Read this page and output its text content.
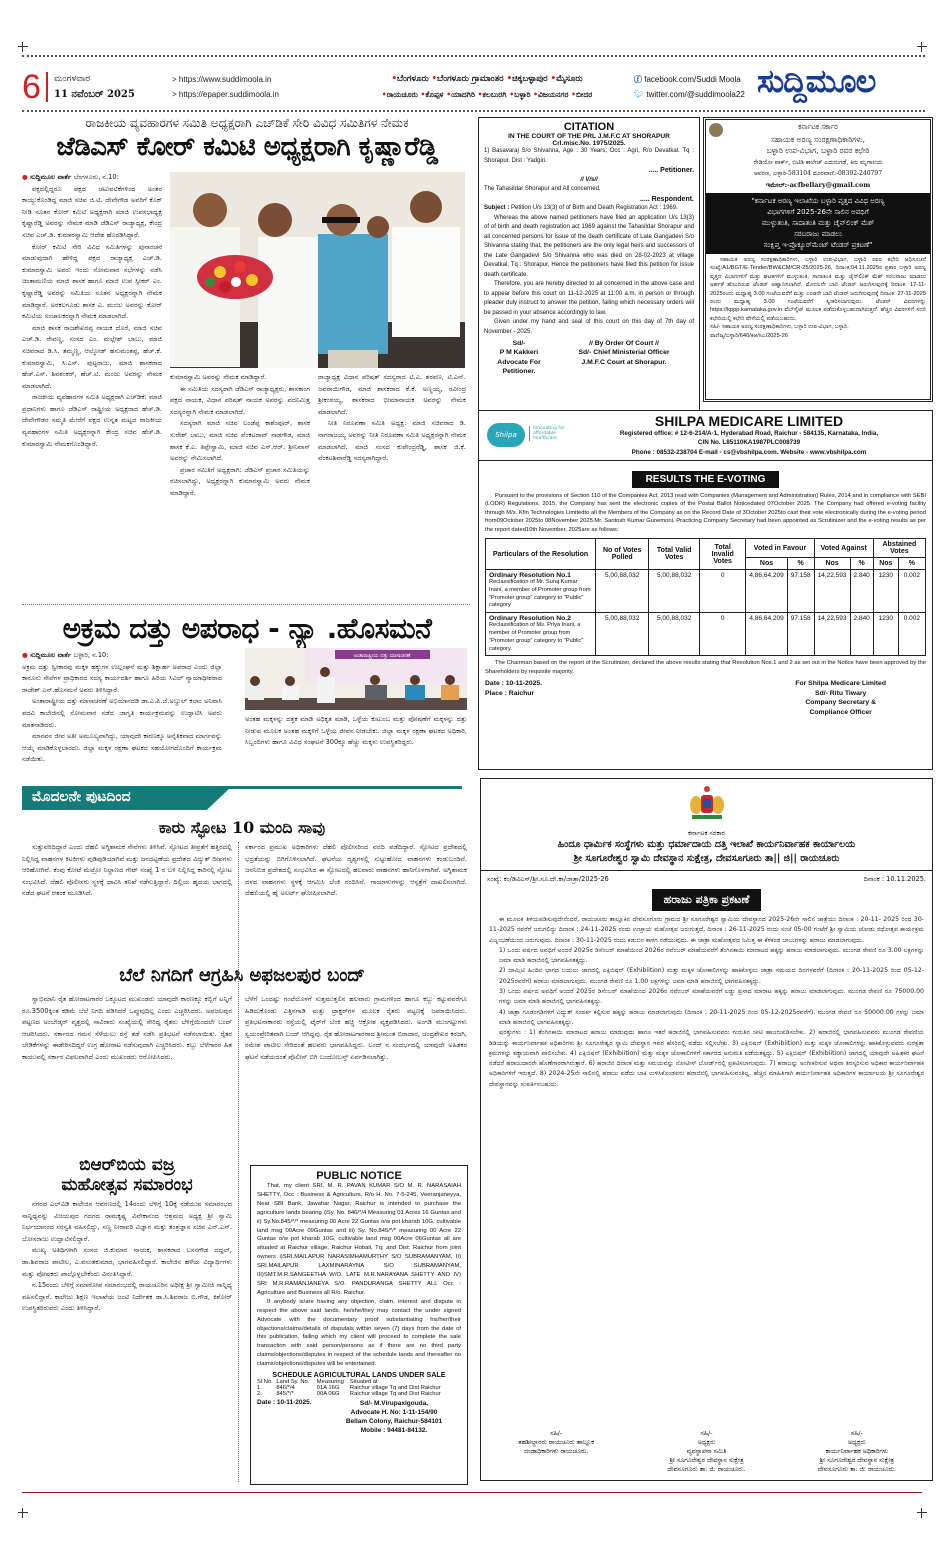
6 ಮಂಗಳವಾರ
11 ನವೆಂಬರ್ 2025
> https://www.suddimoola.in
> https://epaper.suddimoola.in
•ಬೆಂಗಳೂರು •ಬೆಂಗಳೂರು ಗ್ರಾಮಾಂತರ •ಚಿಕ್ಕಬಳ್ಳಾಪುರ •ಮೈಸೂರು
•ರಾಯಚೂರು •ಕೊಪ್ಪಳ •ಯಾದಗಿರಿ •ಕಲಬುರಗಿ •ಬಳ್ಳಾರಿ •ವಿಜಯನಗರ •ಬೀದರ
ⓕ facebook.com/Suddi Moola
🐦︎ twitter.com/@suddimoola22 ಸುದ್ದಿಮೂಲ
ರಾಜಕೀಯ ವ್ಯವಹಾರಗಳ ಸಮಿತಿ ಅಧ್ಯಕ್ಷರಾಗಿ ಎಚ್‌ಡಿಕೆ ಸೇರಿ ವಿವಿಧ ಸಮಿತಿಗಳ ನೇಮಕ
ಜೆಡಿಎಸ್ ಕೋರ್ ಕಮಿಟಿ ಅಧ್ಯಕ್ಷರಾಗಿ ಕೃಷ್ಣಾರೆಡ್ಡಿ
● ಸುದ್ದಿಮೂಲ ವಾರ್ತೆ ಬೆಂಗಳೂರು, ನ.10:

ಪಕ್ಷದಲ್ಲಿದ್ದರೂ ಪಕ್ಷದ ಚಟುವಟಿಕೆಗಳಿಂದ ಅಂತರ ಕಾಯ್ದುಕೊಂಡಿದ್ದ ಮಾಜಿ ಸಚಿವ ಜಿ.ಟಿ. ದೇವೇಗೌಡ ಅವರಿಗೆ ಕೊಕ್ ನೀಡಿ ನೂತನ ಕೋರ್ ಕಮಿಟಿ ಅಧ್ಯಕ್ಷರಾಗಿ ಮಾಜಿ ಉಪಸಭಾಧ್ಯಕ್ಷ ಕೃಷ್ಣಾರೆಡ್ಡಿ ಅವರನ್ನು ನೇಮಕ ಮಾಡಿ ಜೆಡಿಎಸ್ ರಾಜ್ಯಾಧ್ಯಕ್ಷ, ಕೇಂದ್ರ ಸಚಿವ ಎಚ್.ಡಿ. ಕುಮಾರಸ್ವಾಮಿ ಆದೇಶ ಹೊರಡಿಸಿದ್ದಾರೆ.

ಕೋರ್ ಕಮಿಟಿ ಸೇರಿ ವಿವಿಧ ಸಮಿತಿಗಳನ್ನು ಪುನಾರಚನೆ ಮಾಡುವುದಾಗಿ ಹೇಳಿದ್ದ ಪಕ್ಷದ ರಾಜ್ಯಾಧ್ಯಕ್ಷ ಎಚ್.ಡಿ. ಕುಮಾರಸ್ವಾಮಿ ಅವರು ಇಂದು ಸೋಮವಾರ ಸಭೆಗಳನ್ನು ನಡೆಸಿ ಚಿಂತಾಮಣಿಯ ಮಾಜಿ ಶಾಸಕ ಹಾಗೂ ಮಾಜಿ ಉಪ ಸ್ಪೀಕರ್ ಎಂ. ಕೃಷ್ಣಾರೆಡ್ಡಿ ಅವರನ್ನು ಸಮಿತಿಯ ನೂತನ ಅಧ್ಯಕ್ಷರನ್ನಾಗಿ ನೇಮಕ ಮಾಡಿದ್ದಾರೆ. ಅರಕಲಗೂಡು ಶಾಸಕ ಎ. ಮಂಜು ಅವರನ್ನು ಕೋರ್ ಕಮಿಟಿಯ ಸಂಚಾಲಕರನ್ನಾಗಿ ನೇಮಕ ಮಾಡಲಾಗಿದೆ.

ಮಾಜಿ ಶಾಸಕ ರಾಜಶೇಖರಪ್ಪ ನಾಯಕ ದೊರೆ, ಮಾಜಿ ಸಚಿವ ಎಚ್.ಡಿ. ರೇವಣ್ಣ, ಸಂಸದ ಎಂ. ಮಲ್ಲೇಶ್ ಬಾಬು, ಮಾಜಿ ಸಚಿವರಾದ ಡಿ.ಸಿ. ತಮ್ಮಣ್ಣ, ಆಲ್ಕೋಡ್ ಹನುಮಂತಪ್ಪ, ಹೆಚ್.ಕೆ. ಕುಮಾರಸ್ವಾಮಿ, ಸಿ.ಎಸ್. ಪುಟ್ಟರಾಜು, ಮಾಜಿ ಶಾಸಕರಾದ ಹೆಚ್.ಎಸ್. ಶಿವಶಂಕರ್, ಹೆಚ್.ಟಿ. ಮಂಜು ಅವರನ್ನು ನೇಮಕ ಮಾಡಲಾಗಿದೆ.

ರಾಜಕೀಯ ವ್ಯವಹಾರಗಳ ಸಮಿತಿ ಅಧ್ಯಕ್ಷರಾಗಿ ಎಚ್‌ಡಿಕೆ: ಮಾಜಿ ಪ್ರಧಾನಿಗಳು ಹಾಗೂ ಜೆಡಿಎಸ್ ರಾಷ್ಟ್ರೀಯ ಅಧ್ಯಕ್ಷರಾದ ಹೆಚ್.ಡಿ. ದೇವೇಗೌಡರ ಸಮ್ಮತಿ ಮೇರೆಗೆ ಪಕ್ಷದ ಉನ್ನತ ಮಟ್ಟದ ರಾಜಕೀಯ ವ್ಯವಹಾರಗಳ ಸಮಿತಿ ಅಧ್ಯಕ್ಷರನ್ನಾಗಿ ಕೇಂದ್ರ ಸಚಿವ ಹೆಚ್.ಡಿ. ಕುಮಾರಸ್ವಾಮಿ ನೇಮಕಗೊಂಡಿದ್ದಾರೆ.

ಕುಮಾರಸ್ವಾಮಿ ಅವರನ್ನು ನೇಮಕ ಮಾಡಿದ್ದಾರೆ.

ಈ ಸಮಿತಿಯ ಸದಸ್ಯರಾಗಿ ಜೆಡಿಎಸ್ ರಾಜ್ಯಾಧ್ಯಕ್ಷರು, ಶಾಸಕಾಂಗ ಪಕ್ಷದ ನಾಯಕ, ವಿಧಾನ ಪರಿಷತ್ ನಾಯಕ ಅವರನ್ನು ಪದನಿಮಿತ್ತ ಸದಸ್ಯರನ್ನಾಗಿ ನೇಮಕ ಮಾಡಲಾಗಿದೆ.

ಸದಸ್ಯರಾಗಿ ಮಾಜಿ ಸಚಿವ ಬಂಡೆಪ್ಪ ಕಾಶೆಂಪೂರ್, ಶಾಸಕ ಸುರೇಶ್ ಬಾಬು, ಮಾಜಿ ಸಚಿವ ವೆಂಕಟರಾವ್ ನಾಡಗೌಡ, ಮಾಜಿ ಶಾಸಕ ಕೆ.ಎ. ತಿಪ್ಪೇಸ್ವಾಮಿ, ಮಾಜಿ ಸಚಿವ ಎಸ್.ಆರ್. ಶ್ರೀನಿವಾಸ್ ಅವರನ್ನು ನೇಮಿಸಲಾಗಿದೆ.

ಪ್ರಚಾರ ಸಮಿತಿಗೆ ಅಧ್ಯಕ್ಷರಾಗಿ: ಜೆಡಿಎಸ್ ಪ್ರಚಾರ ಸಮಿತಿಯನ್ನು ರಚಿಸಲಾಗಿದ್ದು, ಅಧ್ಯಕ್ಷರನ್ನಾಗಿ ಕುಮಾರಸ್ವಾಮಿ ಅವರು ನೇಮಕ ಮಾಡಿದ್ದಾರೆ.

ರಾಜ್ಯಾಧ್ಯಕ್ಷ ವಿಧಾನ ಪರಿಷತ್ ಸದಸ್ಯರಾದ ಟಿ.ಎ. ಶರವಣ, ಟಿ.ಎನ್. ಜವರಾಯಿಗೌಡ, ಮಾಜಿ ಶಾಸಕರಾದ ಕೆ.ಕೆ. ಅಣ್ಣಯ್ಯ, ರವೀಂದ್ರ ಶ್ರೀಕಂಠಯ್ಯ, ಶಾಸಕರಾದ ಭೀಮಾನಾಯಕ ಅವರನ್ನು ನೇಮಕ ಮಾಡಲಾಗಿದೆ.

ನೀತಿ ನಿರೂಪಣಾ ಸಮಿತಿ ಅಧ್ಯಕ್ಷ: ಮಾಜಿ ಸಚಿವರಾದ ಡಿ. ನಾಗರಾಜಯ್ಯ ಅವರನ್ನು ನೀತಿ ನಿರೂಪಣಾ ಸಮಿತಿ ಅಧ್ಯಕ್ಷರನ್ನಾಗಿ ನೇಮಕ ಮಾಡಲಾಗಿದೆ. ಮಾಜಿ ಸಂಸದ ಕುಪೇಂದ್ರರೆಡ್ಡಿ, ಶಾಸಕ ಜಿ.ಕೆ. ವೆಂಕಟಶಿವಾರೆಡ್ಡಿ ಸದಸ್ಯರಾಗಿದ್ದಾರೆ.

ಅಕ್ರಮ ದತ್ತು ಅಪರಾಧ - ನ್ಯಾ .ಹೊಸಮನೆ
● ಸುದ್ದಿಮೂಲ ವಾರ್ತೆ ಬಳ್ಳಾರಿ, ನ.10:

ಅಕ್ರಮ ದತ್ತು ಸ್ವೀಕಾರವು ಮಕ್ಕಳ ಹಕ್ಕುಗಳ ಉಲ್ಲಂಘನೆ ಮತ್ತು ಶಿಕ್ಷಾರ್ಹ ಅಪರಾಧ ಎಂದು ಜಿಲ್ಲಾ ಕಾನೂನು ಸೇವೆಗಳ ಪ್ರಾಧಿಕಾರದ ಸದಸ್ಯ ಕಾರ್ಯದರ್ಶಿ ಹಾಗೂ ಹಿರಿಯ ಸಿವಿಲ್ ನ್ಯಾಯಾಧೀಶರಾದ ರಾಜೇಶ್ ಎನ್.ಹೊಸಮನೆ ಅವರು ತಿಳಿಸಿದ್ದಾರೆ.

ಅಂತಾರಾಷ್ಟ್ರೀಯ ದತ್ತು ಮಾಸಾಚರಣೆ ಅಭಿಯಾನದಡಿ ಡಾ.ಎ.ಪಿ.ಜೆ.ಅಬ್ದುಲ್ ಕಲಾಂ ಅನಿವಾಸಿ ಪದವಿ ಕಾಲೇಜಿನಲ್ಲಿ ಸೋಮವಾರ ನಡೆದ ಜಾಗೃತಿ ಕಾರ್ಯಕ್ರಮವನ್ನು ಉದ್ಘಾಟಿಸಿ ಅವರು ಮಾತನಾಡಿದರು.

ಮಾನವನ ಜೀವ ಅತೀ ಅಮೂಲ್ಯವಾಗಿದ್ದು, ಯಾವುದೇ ಕಾರಣಕ್ಕೂ ಅನೈತಿಕವಾದ ಮಾರ್ಗವನ್ನು ಆಯ್ಕೆ ಮಾಡಿಕೊಳ್ಳಬಾರದು. ಜಿಲ್ಲಾ ಮಕ್ಕಳ ರಕ್ಷಣಾ ಘಟಕದ ಸಹಯೋಗದೊಂದಿಗೆ ಕಾರ್ಯಕ್ರಮ ನಡೆಯಿತು.

ಅಂತಾರಾಷ್ಟ್ರೀಯ ದತ್ತು ಮಾಸಾಚರಣೆ

ಅಂತಹ ಮಕ್ಕಳನ್ನು ದತ್ತಕ ಮಾಡಿ ಅಧಿಕೃತ ಮಾಡಿ, ಒಳ್ಳೆಯ ಕುಟುಂಬ ಮತ್ತು ಪೋಷಣೆಗೆ ಮಕ್ಕಳನ್ನು ದತ್ತು ನೀಡುವ ಮೂಲಕ ಅಂತಹ ಮಕ್ಕಳಿಗೆ ಒಳ್ಳೆಯ ಜೀವನ ನೀಡಬೇಕು. ಜಿಲ್ಲಾ ಮಕ್ಕಳ ರಕ್ಷಣಾ ಘಟಕದ ಅಧಿಕಾರಿ, ಸಿಬ್ಬಂದಿಗಳು ಹಾಗೂ ವಿವಿಧ ಸಂಘಟನೆ 300ಕ್ಕೂ ಹೆಚ್ಚು ಮಕ್ಕಳು ಉಪಸ್ಥಿತರಿದ್ದರು.

ಮೊದಲನೇ ಪುಟದಿಂದ
ಕಾರು ಸ್ಫೋಟ 10 ಮಂದಿ ಸಾವು

ಸುತ್ತುವರಿದಿದ್ದಾರೆ ಎಂದು ದೆಹಲಿ ಅಗ್ನಿಶಾಮಕ ಸೇವೆಗಳು ತಿಳಿಸಿವೆ. ಸ್ಫೋಟದ ತೀವ್ರತೆಗೆ ಹತ್ತಿರದಲ್ಲಿ ನಿಲ್ಲಿಸಿದ್ದ ವಾಹನಗಳ ಕಿಟಕಿಗಳು ಪುಡಿಪುಡಿಯಾಗಿವೆ ಮತ್ತು ಜನದಟ್ಟಣೆಯ ಪ್ರದೇಶದ ವಿದ್ಯುತ್ ದೀಪಗಳು ಆರಿಹೋಗಿವೆ. ಕೆಂಪು ಕೋಟೆ ಮೆಟ್ರೋ ನಿಲ್ದಾಣದ ಗೇಟ್ ಸಂಖ್ಯೆ 1 ರ ಬಳಿ ನಿಲ್ಲಿಸಿದ್ದ ಕಾರಿನಲ್ಲಿ ಸ್ಫೋಟ ಸಂಭವಿಸಿದೆ. ದೆಹಲಿ ಪೊಲೀಸರು ಸ್ಥಳಕ್ಕೆ ಧಾವಿಸಿ ತನಿಖೆ ನಡೆಸುತ್ತಿದ್ದಾರೆ. ದಿಲ್ಲಿಯ ಹೃದಯ ಭಾಗದಲ್ಲಿ ನಡೆದ ಘಟನೆ ಆತಂಕ ಮೂಡಿಸಿದೆ.

ಸರ್ಕಾರದ ಪ್ರಮುಖ ಅಧಿಕಾರಿಗಳು ದೆಹಲಿ ಪೊಲೀಸರಿಂದ ವರದಿ ಪಡೆದಿದ್ದಾರೆ. ಸ್ಫೋಟದ ಪ್ರದೇಶದಲ್ಲಿ ಭದ್ರತೆಯನ್ನು ಬಿಗಿಗೊಳಿಸಲಾಗಿದೆ. ಘಟನೆಯ ದೃಶ್ಯಗಳಲ್ಲಿ ಸುಟ್ಟುಹೋದ ವಾಹನಗಳು ಕಂಡುಬಂದಿವೆ. ಜನನಿಬಿಡ ಪ್ರದೇಶದಲ್ಲಿ ಸಂಭವಿಸಿದ ಈ ಸ್ಫೋಟದಲ್ಲಿ ಹಲವಾರು ವಾಹನಗಳು ಹಾನಿಗೊಳಗಾಗಿವೆ. ಅಗ್ನಿಶಾಮಕ ದಳದ ವಾಹನಗಳು ಸ್ಥಳಕ್ಕೆ ಆಗಮಿಸಿ ಬೆಂಕಿ ನಂದಿಸಿವೆ. ಗಾಯಾಳುಗಳನ್ನು ಆಸ್ಪತ್ರೆಗೆ ದಾಖಲಿಸಲಾಗಿದೆ. ದೆಹಲಿಯಲ್ಲಿ ಹೈ ಅಲರ್ಟ್ ಘೋಷಿಸಲಾಗಿದೆ.

ಬೆಲೆ ನಿಗದಿಗೆ ಆಗ್ರಹಿಸಿ ಅಫಜಲಪುರ ಬಂದ್

ಸ್ವಾಭಿಮಾನಿ ರೈತ ಹೋರಾಟಗಾರರ ಒಕ್ಕೂಟದ ಮುಖಂಡರು ಯಾವುದೇ ಕಾರಣಕ್ಕೂ ಕಬ್ಬಿಗೆ ಟನ್ನಿಗೆ ರೂ.3500ಕ್ಕಿಂತ ಕಡಿಮೆ ಬೆಲೆ ನಿಗದಿ ಪಡಿಸಿದರೆ ಒಪ್ಪುವುದಿಲ್ಲ ಎಂದು ಎಚ್ಚರಿಸಿದರು. ಅಫಜಲಪುರ ಪಟ್ಟಣದ ಅಂಬೇಡ್ಕರ್ ವೃತ್ತದಲ್ಲಿ ಸಾವಿರಾರು ಸಂಖ್ಯೆಯಲ್ಲಿ ಸೇರಿದ್ದ ರೈತರು ಬೆಳಿಗ್ಗೆಯಿಂದಲೇ ಬಂದ್ ಆಚರಿಸಿದರು. ಸರ್ಕಾರದ ಗಮನ ಸೆಳೆಯಲು ರಸ್ತೆ ತಡೆ ನಡೆಸಿ ಪ್ರತಿಭಟನೆ ನಡೆಸಲಾಯಿತು. ರೈತರ ಬೇಡಿಕೆಗಳನ್ನು ಈಡೇರಿಸದಿದ್ದರೆ ಉಗ್ರ ಹೋರಾಟ ನಡೆಸುವುದಾಗಿ ಎಚ್ಚರಿಸಿದರು. ಕಬ್ಬು ಬೆಳೆಗಾರರ ಹಿತ ಕಾಯುವಲ್ಲಿ ಸರ್ಕಾರ ವಿಫಲವಾಗಿದೆ ಎಂದು ಮುಖಂಡರು ಆರೋಪಿಸಿದರು.

ಬೆಳೆಗೆ ಒಂದಷ್ಟು ಗಂಟೆಯೊಳಗೆ ಸುತ್ತಮುತ್ತಲಿನ ಹಲವಾರು ಗ್ರಾಮಗಳಿಂದ ಹಾಗೂ ಕಬ್ಬು ಕಟ್ಟುವವರೆಗೂ ಹಿಡಿದುಕೊಂಡು ಎತ್ತಿನಗಾಡಿ ಮತ್ತು ಟ್ರಾಕ್ಟರ್‌ಗಳ ಮೂಲಕ ರೈತರು ಪಟ್ಟಣಕ್ಕೆ ಜಮಾಯಿಸಿದರು. ಪ್ರತಿಭಟನಾಕಾರರು ರಸ್ತೆಯಲ್ಲಿ ಟೈರ್‌ಗೆ ಬೆಂಕಿ ಹಚ್ಚಿ ಆಕ್ರೋಶ ವ್ಯಕ್ತಪಡಿಸಿದರು. ಅಂಗಡಿ ಮುಂಗಟ್ಟುಗಳು ಸ್ವಯಂಪ್ರೇರಿತವಾಗಿ ಬಂದ್ ಆಗಿದ್ದವು. ರೈತ ಹೋರಾಟಗಾರರಾದ ಶ್ರೀಮಂತ ಬಿರಾದಾರ, ಚಂದ್ರಶೇಖರ ಕರಜಗಿ, ರಮೇಶ ಪಾಟೀಲ ಸೇರಿದಂತೆ ಹಲವರು ಭಾಗವಹಿಸಿದ್ದರು. ಬಂದ್ ನ ಸಂದರ್ಭದಲ್ಲಿ ಯಾವುದೇ ಅಹಿತಕರ ಘಟನೆ ನಡೆಯದಂತೆ ಪೊಲೀಸ್ ಬಿಗಿ ಬಂದೋಬಸ್ತ್ ಏರ್ಪಡಿಸಲಾಗಿತ್ತು.

ಬಿಆರ್‌ಬಿಯ ವಜ್ರ
ಮಹೋತ್ಸವ ಸಮಾರಂಭ

ನಗರದ ಎಲ್‌ವಿಡಿ ಕಾಲೇಜಿನ ಆವರಣದಲ್ಲಿ 14ರಂದು ಬೆಳಿಗ್ಗೆ 10ಕ್ಕೆ ನಡೆಯುವ ಸಮಾರಂಭದ ಸಾನ್ನಿಧ್ಯವನ್ನು ವಿಜಯಪುರ ಗದಗದ ರಾಮಕೃಷ್ಣ ವಿವೇಕಾನಂದ ಆಶ್ರಮದ ಅಧ್ಯಕ್ಷ ಶ್ರೀ ಸ್ವಾಮಿ ನಿರ್ಭಯಾನಂದ ಸರಸ್ವತಿ ವಹಿಸಲಿದ್ದು, ಸಣ್ಣ ನೀರಾವರಿ ವಿಜ್ಞಾನ ಮತ್ತು ತಂತ್ರಜ್ಞಾನ ಸಚಿವ ಎನ್.ಎಸ್. ಬೋಸರಾಜು ಉದ್ಘಾಟಿಸಲಿದ್ದಾರೆ.

ಮುಖ್ಯ ಅತಿಥಿಗಳಾಗಿ ಸಂಸದ ಜಿ.ಕುಮಾರ ನಾಯಕ, ಶಾಸಕರಾದ ಬಸನಗೌಡ ದದ್ದಲ್, ಡಾ.ಶಿವರಾಜ ಪಾಟೀಲ, ಎ.ವಸಂತಕುಮಾರ, ಭಾಗವಹಿಸಲಿದ್ದಾರೆ. ಕಾಲೇಜಿನ ಹಳೆಯ ವಿದ್ಯಾರ್ಥಿಗಳು ಮತ್ತು ಪೋಷಕರು ಪಾಲ್ಗೊಳ್ಳಬೇಕೆಂದು ವಿನಂತಿಸಿದ್ದಾರೆ.

ನ.15ರಂದು ಬೆಳಿಗ್ಗೆ ಸಮಾರೋಪ ಸಮಾರಂಭದಲ್ಲಿ ರಾಯಚೂರಿನ ಅಧೀಕ್ಷ ಶ್ರೀ ಸ್ವಾಮೀಜಿ ಸಾನ್ನಿಧ್ಯ ವಹಿಸಲಿದ್ದಾರೆ. ಕಾಲೇಜು ಶಿಕ್ಷಣ ಇಲಾಖೆಯ ಜಂಟಿ ನಿರ್ದೇಶಕ ಡಾ.ಸಿ.ಶಿವರಾಜ ಬಿ.ಗೌಡ, ಕಿಶೋರ್ ಉಪಸ್ಥಿತರಿರುವರು ಎಂದು ತಿಳಿಸಿದ್ದಾರೆ.

PUBLIC NOTICE

That, my client SRI. M. R. PAVAN KUMAR S/O M. R. NARASAIAH SHETTY, Occ : Business & Agriculture, R/o H. No. 7-5-245, Veeranjaneyya, Near SBI Bank, Jawahar Nagar, Raichur is intended to purchase the agriculture lands bearing i)Sy. No. 846/*/4 Measuring 01 Acres 16 Guntas and ii) Sy.No.845/*/* measuring 00 Acre 22 Guntas o/w pot kharab 10G, cultivable land msg 00Acre 09Guntas and iii) Sy. No.845/*/* measuring 00 Acre 22 Guntas o/w pot kharab 10G, cultivable land msg 00Acre 06Guntas all are situated at Raichur village, Raichur Hobali, Tq: and Dist: Raichur from joint owners i)SRI.MAILAPUR NARASIMHAMURTHY S/O SUBRAMANYAM, II) SRI.MAILAPUR LAXMINARAYNA S/O SUBRAMANYAM, III)SMT.M.R.SANGEETHA W/O. LATE M.R.NARAYANA SHETTY AND IV) SRI M.R.RAMANJANEYA S/O. PANDURANGA SHETTY ALL Occ : Agriculture and Business all R/o. Raichur.

If anybody is/are having any objection, claim, interest and dispute in respect the above said lands, he/she/they may contact the under signed Advocate with the documentary proof substantiating his/her/their objections/claims/details of disputals within seven (7) days from the date of this publication, failing which my client will proceed to complete the sale transaction with said person/persons as if there are no third party claims/objections/disputes in respect of the schedule lands and thereafter no claims/objections/disputes will be entertained.

SCHEDULE AGRICULTURAL LANDS UNDER SALE
Sl No.	Land Sy. No.	Measuring	Situated at
1.	846/*/4	01A 16G	Raichur village Tq and Dist Raichur
2.	845/*/*	00A 06G	Raichur village Tq and Dist Raichur
Date : 10-11-2025.	Sd/- M.Virupaxigouda,
Advocate H. No: 1-11-154/90
Bellam Colony, Raichur-584101
Mobile : 94481-84132.
CITATION
IN THE COURT OF THE PRL J.M.F.C AT SHORAPUR
Crl.misc.No. 1975/2025.
1) Basavaraj S/o Shivanna, Age : 30 Years, Occ : Agri, R/o Devatkal. Tq : Shorapur. Dist : Yadgiri.
..... Petitioner.
// V/s//
The Tahasildar Shorapur and All concerned.
..... Respondent.
Subject : Petition U/s 13(3) of of Birth and Death Registration Act : 1969.

Whereas the above named petitioners have filed an application U/s 13(3) of of birth and death registration act 1969 against the Tahasildar Shorapur and all concerned persons for issue of the death certificate of Late Gangadevi S/o Shivanna stating that, the petitioners are the only legal heirs and successors of the Late Gangadevi S/o Shivanna who was died on 28-02-2023 at village Devatkal, Tq : Shorapur, Hence the petitioners have filed this petition for issue death certificate.

Therefore, you are hereby directed to all concerned in the above case and to appear before this court on 11-12-2025 at 11:00 a.m. in person or through pleader duly instruct to answer the petition, failing which necessary orders will be passed in your absence accordingly to law.

Given under my hand and seal of this court on this day of 7th day of November - 2025.

Sd/-
P M Kakkeri
Advocate For
Petitioner.
// By Order Of Court //
Sd/- Chief Ministerial Officer
J.M.F.C Court at Shorapur.
ಕರ್ನಾಟಕ ಸರ್ಕಾರ
ಸಹಾಯಕ ಅರಣ್ಯ ಸಂರಕ್ಷಣಾಧಿಕಾರಿಗಳು,
ಬಳ್ಳಾರಿ ಉಪ-ವಿಭಾಗ, ಬಳ್ಳಾರಿ ರವರ ಕಛೇರಿ
ರೇಡಿಯೋ ಪಾರ್ಕ್, ಬಿಟಿಡಿ ಕಾಲೇಜ್ ಎದುರುಗಡೆ, ಕಿರು ಮೃಗಾಲಯ
ಆವರಣ, ಬಳ್ಳಾರಿ-583104 ದೂರವಾಣಿ:-08392-240797
ಇಮೇಲ್:-acfbellary@gmail.com
"ಕರ್ನಾಟಕ ಅರಣ್ಯ ಇಲಾಖೆಯ ಬಳ್ಳಾರಿ ವೃತ್ತದ ವಿವಿಧ ಅರಣ್ಯ
ವಿಭಾಗಗಳಿಗೆ 2025-26ನೇ ಸಾಲಿನ ಅವಧಿಗೆ
ಮುಳ್ಳುತಂತಿ, ಸಾದಾತಂತಿ ಮತ್ತು ಚೈನ್‌ಲಿಂಕ್ ಮೆಶ್
ಸರಬರಾಜು ಮಾಡಲು
ಸಂಕ್ಷಿಪ್ತ ಇ-ಪ್ರೊಕ್ಯೂರ್‌ಮೆಂಟ್ ಟೆಂಡರ್ ಪ್ರಕಟಣೆ"
ಸಹಾಯಕ ಅರಣ್ಯ ಸಂರಕ್ಷಣಾಧಿಕಾರಿಗಳು, ಬಳ್ಳಾರಿ ಉಪ-ವಿಭಾಗ, ಬಳ್ಳಾರಿ ರವರ ಕಛೇರಿ ಅಧಿಸೂಚನೆ ಸಂಖ್ಯೆ:A1/BGT/E-Tender/BW&CM/CR-25/2025-26, ದಿನಾಂಕ:04.11.2025ರ ಪ್ರಕಾರ ಬಳ್ಳಾರಿ ಅರಣ್ಯ ವೃತ್ತದ ವಿಭಾಗಗಳಿಗೆ ಮತ್ತು ಘಟಕಗಳಿಗೆ ಮುಳ್ಳುತಂತಿ, ಸಾದಾತಂತಿ ಮತ್ತು ಚೈನ್‌ಲಿಂಕ್ ಮೆಶ್ ಸರಬರಾಜು ಮಾಡಲು ಅರ್ಹತೆ ಹೊಂದಿರುವ ಟೆಂಡರ್ ಆಹ್ವಾನಿಸಲಾಗಿದೆ. ಮೊದಲನೇ ಬಾರಿ ಟೆಂಡರ್ ಜರುಗಿಸುವುದಕ್ಕೆ ದಿನಾಂಕ: 17-11-2025ರಂದು ಮಧ್ಯಾಹ್ನ 3.00 ಗಂಟೆಯವರೆಗೆ ಮತ್ತು ಎರಡನೇ ಬಾರಿ ಟೆಂಡರ್ ಜರುಗಿಸುವುದಕ್ಕೆ ದಿನಾಂಕ: 27-11-2025 ರಂದು ಮಧ್ಯಾಹ್ನ 3.00 ಗಂಟೆಯವರೆಗೆ ಸ್ವೀಕರಿಸಲಾಗುವುದು. ಟೆಂಡರ್ ವಿವರಗಳನ್ನು https://kppp.karnataka.gov.in ವೆಬ್‌ಸೈಟ್ ಮೂಲಕ ಪಡೆದುಕೊಳ್ಳಬಹುದಾಗಿರುತ್ತದೆ. ಹೆಚ್ಚಿನ ವಿವರಗಳಿಗೆ ಸದರಿ ಕಛೇರಿಯಲ್ಲಿ ಕಛೇರಿ ವೇಳೆಯಲ್ಲಿ ಪಡೆಯಬಹುದು.
ಸಹಿ/- ಸಹಾಯಕ ಅರಣ್ಯ ಸಂರಕ್ಷಣಾಧಿಕಾರಿಗಳು, ಬಳ್ಳಾರಿ ಉಪ-ವಿಭಾಗ, ಬಳ್ಳಾರಿ.
ವಾಣಿಜ್ಯ/ಬಳ್ಳಾರಿ/640/ಕಿಆ/ಸಿಎ/2025-26
Shilpa
Innovating for affordable healthcare
SHILPA MEDICARE LIMITED
Registered office: # 12-6-214/A-1, Hyderabad Road, Raichur - 584135, Karnataka, India,
CIN No. L85110KA1987PLC008739
Phone : 08532-238704 E-mail - cs@vbshilpa.com. Website - www.vbshilpa.com
RESULTS THE E-VOTING
Pursuant to the provisions of Section 110 of the Companies Act, 2013 read with Companies (Management and Administration) Rules, 2014 and in compliance with SEBI (LODR) Regulations, 2015, the Company has sent the electronic copies of the Postal Ballot Noticedated 07October 2025. The Company had offered e-voting facility through M/s. Kfin Technologies Limitedto all the Members of the Company as on the Record Date of 3October 2025to cast their vote electronically during the e-voting period from09October 2025to 08November 2025.Mr. Santosh Kumar Gunemoni, Practicing Company Secretary had been appointed as Scrutinizer and the e-voting results as per the report dated10th November, 2025are as follows:
Particulars of the Resolution	No of Votes Polled	Total Valid Votes	Total Invalid Votes	Voted in Favour		Voted Against		Abstained Votes	
				Nos	%	Nos	%	Nos	%

Ordinary Resolution No.1
Reclassification of Mr. Suraj Kumar Inani, a member of Promoter group from "Promoter group" category to "Public" category	5,00,88,032	5,00,88,032	0	4,86,64,209	97.158	14,22,593	2.840	1230	0.002

Ordinary Resolution No.2
Reclassification of Ms. Priya Inani, a member of Promoter group from "Promoter group" category to "Public" category.	5,00,88,032	5,00,88,032	0	4,86,64,209	97.158	14,22,593	2.840	1230	0.002
The Chairman based on the report of the Scrutinizer, declared the above results stating that Resolution Nos.1 and 2 as set out in the Notice have been approved by the Shareholders by requisite majority.
Date : 10-11-2025.
Place : Raichur
For Shilpa Medicare Limited
Sd/- Ritu Tiwary
Company Secretary &
Compliance Officer
ಕರ್ನಾಟಕ ಸರಕಾರ
ಹಿಂದೂ ಧಾರ್ಮಿಕ ಸಂಸ್ಥೆಗಳು ಮತ್ತು ಧರ್ಮಾದಾಯ ದತ್ತಿ ಇಲಾಖೆ ಕಾರ್ಯನಿರ್ವಾಹಕ ಕಾರ್ಯಾಲಯ
ಶ್ರೀ ಸೂಗೂರೇಶ್ವರ ಸ್ವಾಮಿ ದೇವಸ್ಥಾನ ಸುಕ್ಷೇತ್ರ, ದೇವಸೂಗೂರು ತಾ|| ಜಿ|| ರಾಯಚೂರು
ಸಂಖ್ಯೆ: ಕಂ/ಡಿವಿಎಸ್/ಶ್ರೀ.ಸೂ.ದೇ.ಕಾ/ಜಾತ್ರಾ/2025-26	ದಿನಾಂಕ : 10.11.2025.
ಹರಾಜು ಪತ್ರಿಕಾ ಪ್ರಕಟಣೆ

ಈ ಮೂಲಕ ತಿಳಿಯಪಡಿಸುವುದೇನೆಂದರೆ, ರಾಯಚೂರು ತಾಲ್ಲೂಕಿನ ದೇವಸೂಗೂರು ಗ್ರಾಮದ ಶ್ರೀ ಸೂಗೂರೇಶ್ವರ ಸ್ವಾಮಿಯ ದೇವಸ್ಥಾನದ 2025-26ನೇ ಸಾಲಿನ ಜಾತ್ರೆಯು ದಿನಾಂಕ : 20-11- 2025 ರಿಂದ 30-11-2025 ರವರೆಗೆ ಜರುಗಲಿದ್ದು ದಿನಾಂಕ : 24-11-2025 ರಂದು ಉಚ್ಛಾಯ ಮಹೋತ್ಸವ ಜರುಗುತ್ತದೆ, ದಿನಾಂಕ : 26-11-2025 ರಂದು ಸಂಜೆ 05-00 ಗಂಟೆಗೆ ಶ್ರೀ ಸ್ವಾಮಿಯ ಜೋಡು ರಥೋತ್ಸವ ಕಾರ್ಯಕ್ರಮ ವಿಜೃಂಭಣೆಯಿಂದ ಜರುಗುವುದು. ದಿನಾಂಕ : 30-11-2025 ರಂದು ಕಡುಬಿನ ಕಾಳಗ ನಡೆಯುವುದು. ಈ ಜಾತ್ರಾ ಮಹೋತ್ಸವದ ನಿಮಿತ್ತ ಈ ಕೆಳಕಂಡ ಬಾಬುಗಳನ್ನು ಹರಾಜು ಮಾಡಲಾಗುವುದು.

1) ಒಂದು ವರ್ಷದ ಅವಧಿಗೆ ಅಂದರೆ 2025ರ ಡಿಸೆಂಬರ್ ಮಾಹೆಯಿಂದ 2026ರ ನವೆಂಬರ್ ಮಾಹೆಯವರೆಗೆ ತೆಂಗಿನಕಾಯಿ ಮಾರಾಟದ ಹಕ್ಕನ್ನು ಹರಾಜು ಮಾಡಲಾಗುವುದು. ಮುಂಗಡ ಠೇವಣಿ ರೂ 3.00 ಲಕ್ಷಗಳನ್ನು ಜಮಾ ಮಾಡಿ ಹರಾಜಿನಲ್ಲಿ ಭಾಗವಹಿಸತಕ್ಕದ್ದು.
2) ದಾಮ್ಸಿಟಿ ಹಿಂದಿನ ಭಾಗದ ಬಯಲು ಜಾಗದಲ್ಲಿ ಎಕ್ಸಿಬಿಷನ್ (Exhibiition) ಮತ್ತು ಮಕ್ಕಳ ಜೋಕಾಲಿಗಳನ್ನು ಹಾಕಿಕೊಳ್ಳಲು ಜಾತ್ರಾ ಸಮಯದ ದಿನಗಳವರೆಗೆ (ದಿನಾಂಕ : 20-11-2025 ರಿಂದ 05-12-2025ರವರೆಗೆ) ಹರಾಜು ಮಾಡಲಾಗುವುದು. ಮುಂಗಡ ಠೇವಣಿ ರೂ 1.00 ಲಕ್ಷಗಳನ್ನು ಜಮಾ ಮಾಡಿ ಹರಾಜಿನಲ್ಲಿ ಭಾಗವಹಿಸತಕ್ಕದ್ದು.
3) ಒಂದು ವರ್ಷದ ಅವಧಿಗೆ ಅಂದರೆ 2025ರ ಡಿಸೆಂಬರ್ ಮಾಹೆಯಿಂದ 2026ರ ನವೆಂಬರ್ ಮಾಹೆಯವರೆಗೆ ಲಡ್ಡು ಪ್ರಸಾದ ಮಾರಾಟ ಹಕ್ಕನ್ನು ಹರಾಜು ಮಾಡಲಾಗುವುದು. ಮುಂಗಡ ಠೇವಣಿ ರೂ 75000.00 ಗಳನ್ನು ಜಮಾ ಮಾಡಿ ಹರಾಜಿನಲ್ಲಿ ಭಾಗವಹಿಸತಕ್ಕದ್ದು.
4) ಜಾತ್ರಾ ಗೂಡಂಗಡಿಗಳಿಗೆ ವಿದ್ಯುತ್ ಸಂಪರ್ಕ ಕಲ್ಪಿಸುವ ಹಕ್ಕನ್ನು ಹರಾಜು ಮಾಡಲಾಗುವುದು (ದಿನಾಂಕ : 20-11-2025 ರಿಂದ 05-12-2025ರವರೆಗೆ). ಮುಂಗಡ ಠೇವಣಿ ರೂ 50000.00 ಗಳನ್ನು ಜಮಾ ಮಾಡಿ ಹರಾಜಿನಲ್ಲಿ ಭಾಗವಹಿಸತಕ್ಕದ್ದು.

ಷರತ್ತುಗಳು : 1) ತೆಂಗಿನಕಾಯಿ ಮಾರಾಟದ ಹರಾಜು ಮಾಡುವುದು ಹಾಗೂ ಇತರೆ ಹರಾಜಿನಲ್ಲಿ ಭಾಗವಹಿಸುವವರು ಗುರುತಿನ ಚೀಟಿ ಹಾಜರುಪಡಿಸಬೇಕು. 2) ಹರಾಜಿನಲ್ಲಿ ಭಾಗವಹಿಸುವವರು ಮುಂಗಡ ಠೇವಣಿಯ ಡಿಡಿಯನ್ನು ಕಾರ್ಯನಿರ್ವಾಹಕ ಅಧಿಕಾರಿಗಳು ಶ್ರೀ ಸೂಗೂರೇಶ್ವರ ಸ್ವಾಮಿ ದೇವಸ್ಥಾನ ಇವರ ಹೆಸರಿನಲ್ಲಿ ಪಡೆದು ಸಲ್ಲಿಸಬೇಕು. 3) ಎಕ್ಸಿಬಿಷನ್ (Exhibiition) ಮತ್ತು ಮಕ್ಕಳ ಜೋಕಾಲಿಗಳನ್ನು ಹಾಕಿಕೊಳ್ಳುವವರು ಸುರಕ್ಷತಾ ಕ್ರಮಗಳನ್ನು ಕಡ್ಡಾಯವಾಗಿ ಪಾಲಿಸಬೇಕು. 4) ಎಕ್ಸಿಬಿಷನ್ (Exhibiition) ಮತ್ತು ಮಕ್ಕಳ ಜೋಕಾಲಿಗಳಿಗೆ ಸರ್ಕಾರದ ಅನುಮತಿ ಪಡೆಯತಕ್ಕದ್ದು. 5) ಎಕ್ಸಿಬಿಷನ್ (Exhibiition) ಜಾಗದಲ್ಲಿ ಯಾವುದೇ ಅಹಿತಕರ ಘಟನೆ ನಡೆದರೆ ಹರಾಜುದಾರರೇ ಹೊಣೆಗಾರರಾಗಿರುತ್ತಾರೆ. 6) ಹರಾಜಿನ ದಿನಾಂಕ ಮತ್ತು ಸಮಯವನ್ನು ನೋಟೀಸ್ ಬೋರ್ಡ್‌ನಲ್ಲಿ ಪ್ರಕಟಿಸಲಾಗುವುದು. 7) ಹರಾಜನ್ನು ಅಂಗೀಕರಿಸುವ ಅಥವಾ ತಿರಸ್ಕರಿಸುವ ಅಧಿಕಾರ ಕಾರ್ಯನಿರ್ವಾಹಕ ಅಧಿಕಾರಿಗಳಿಗೆ ಇರುತ್ತದೆ. 8) 2024-25ನೇ ಸಾಲಿನಲ್ಲಿ ಹರಾಜು ಪಡೆದು ಬಾಕಿ ಉಳಿಸಿಕೊಂಡವರು ಹರಾಜಿನಲ್ಲಿ ಭಾಗವಹಿಸುವಂತಿಲ್ಲ. ಹೆಚ್ಚಿನ ಮಾಹಿತಿಗಾಗಿ ಕಾರ್ಯನಿರ್ವಾಹಕ ಅಧಿಕಾರಿಗಳ ಕಾರ್ಯಾಲಯ ಶ್ರೀ ಸೂಗೂರೇಶ್ವರ ದೇವಸ್ಥಾನವನ್ನು ಸಂಪರ್ಕಿಸಬಹುದು.

ಸಹಿ/-
ತಹಶೀಲ್ದಾರರು ರಾಯಚೂರು ತಾಲ್ಲೂಕ
ದಂಡಾಧಿಕಾರಿಗಳು ರಾಯಚೂರು.
ಸಹಿ/-
ಅಧ್ಯಕ್ಷರು
ವ್ಯವಸ್ಥಾಪನಾ ಸಮಿತಿ
ಶ್ರೀ ಸೂಗೂರೇಶ್ವರ ದೇವಸ್ಥಾನ ಸುಕ್ಷೇತ್ರ
ದೇವಸೂಗೂರು ತಾ: ಜಿ: ರಾಯಚೂರು.
ಸಹಿ/-
ಅಧ್ಯಕ್ಷರು
ಕಾರ್ಯನಿರ್ವಾಹಕ ಅಧಿಕಾರಿಗಳು
ಶ್ರೀ ಸೂಗೂರೇಶ್ವರ ದೇವಸ್ಥಾನ ಸುಕ್ಷೇತ್ರ
ದೇವಸೂಗೂರು ತಾ: ಜಿ: ರಾಯಚೂರು.
